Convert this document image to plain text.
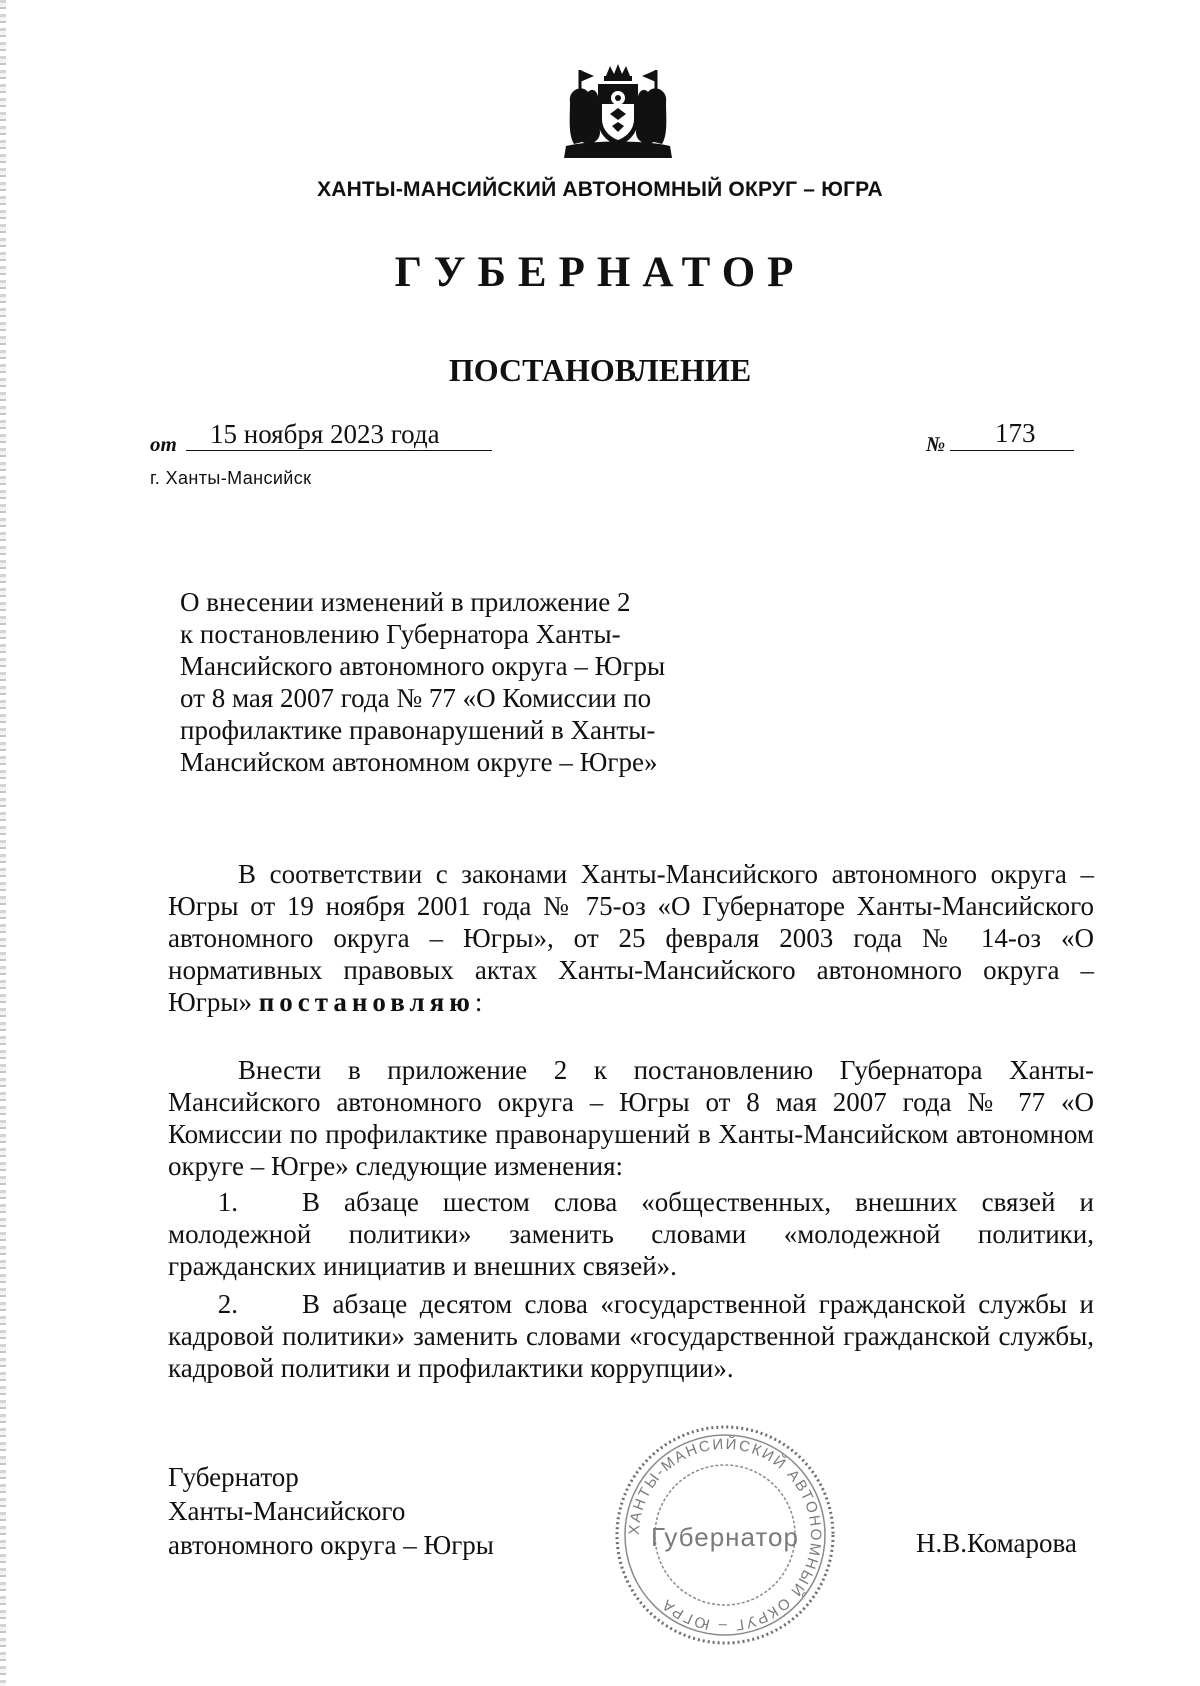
ХАНТЫ-МАНСИЙСКИЙ АВТОНОМНЫЙ ОКРУГ – ЮГРА
ГУБЕРНАТОР
ПОСТАНОВЛЕНИЕ
от 15 ноября 2023 года	№ 173
г. Ханты-Мансийск
О внесении изменений в приложение 2
к постановлению Губернатора Ханты-
Мансийского автономного округа – Югры
от 8 мая 2007 года № 77 «О Комиссии по
профилактике правонарушений в Ханты-
Мансийском автономном округе – Югре»
В соответствии с законами Ханты-Мансийского автономного округа – Югры от 19 ноября 2001 года № 75-оз «О Губернаторе Ханты-Мансийского автономного округа – Югры», от 25 февраля 2003 года № 14-оз «О нормативных правовых актах Ханты-Мансийского автономного округа – Югры» постановляю:
Внести в приложение 2 к постановлению Губернатора Ханты-Мансийского автономного округа – Югры от 8 мая 2007 года № 77 «О Комиссии по профилактике правонарушений в Ханты-Мансийском автономном округе – Югре» следующие изменения:
1. В абзаце шестом слова «общественных, внешних связей и молодежной политики» заменить словами «молодежной политики, гражданских инициатив и внешних связей».
2. В абзаце десятом слова «государственной гражданской службы и кадровой политики» заменить словами «государственной гражданской службы, кадровой политики и профилактики коррупции».
Губернатор
Ханты-Мансийского
автономного округа – Югры
ХАНТЫ-МАНСИЙСКИЙ АВТОНОМНЫЙ ОКРУГ – ЮГРА
Губернатор	Н.В.Комарова
